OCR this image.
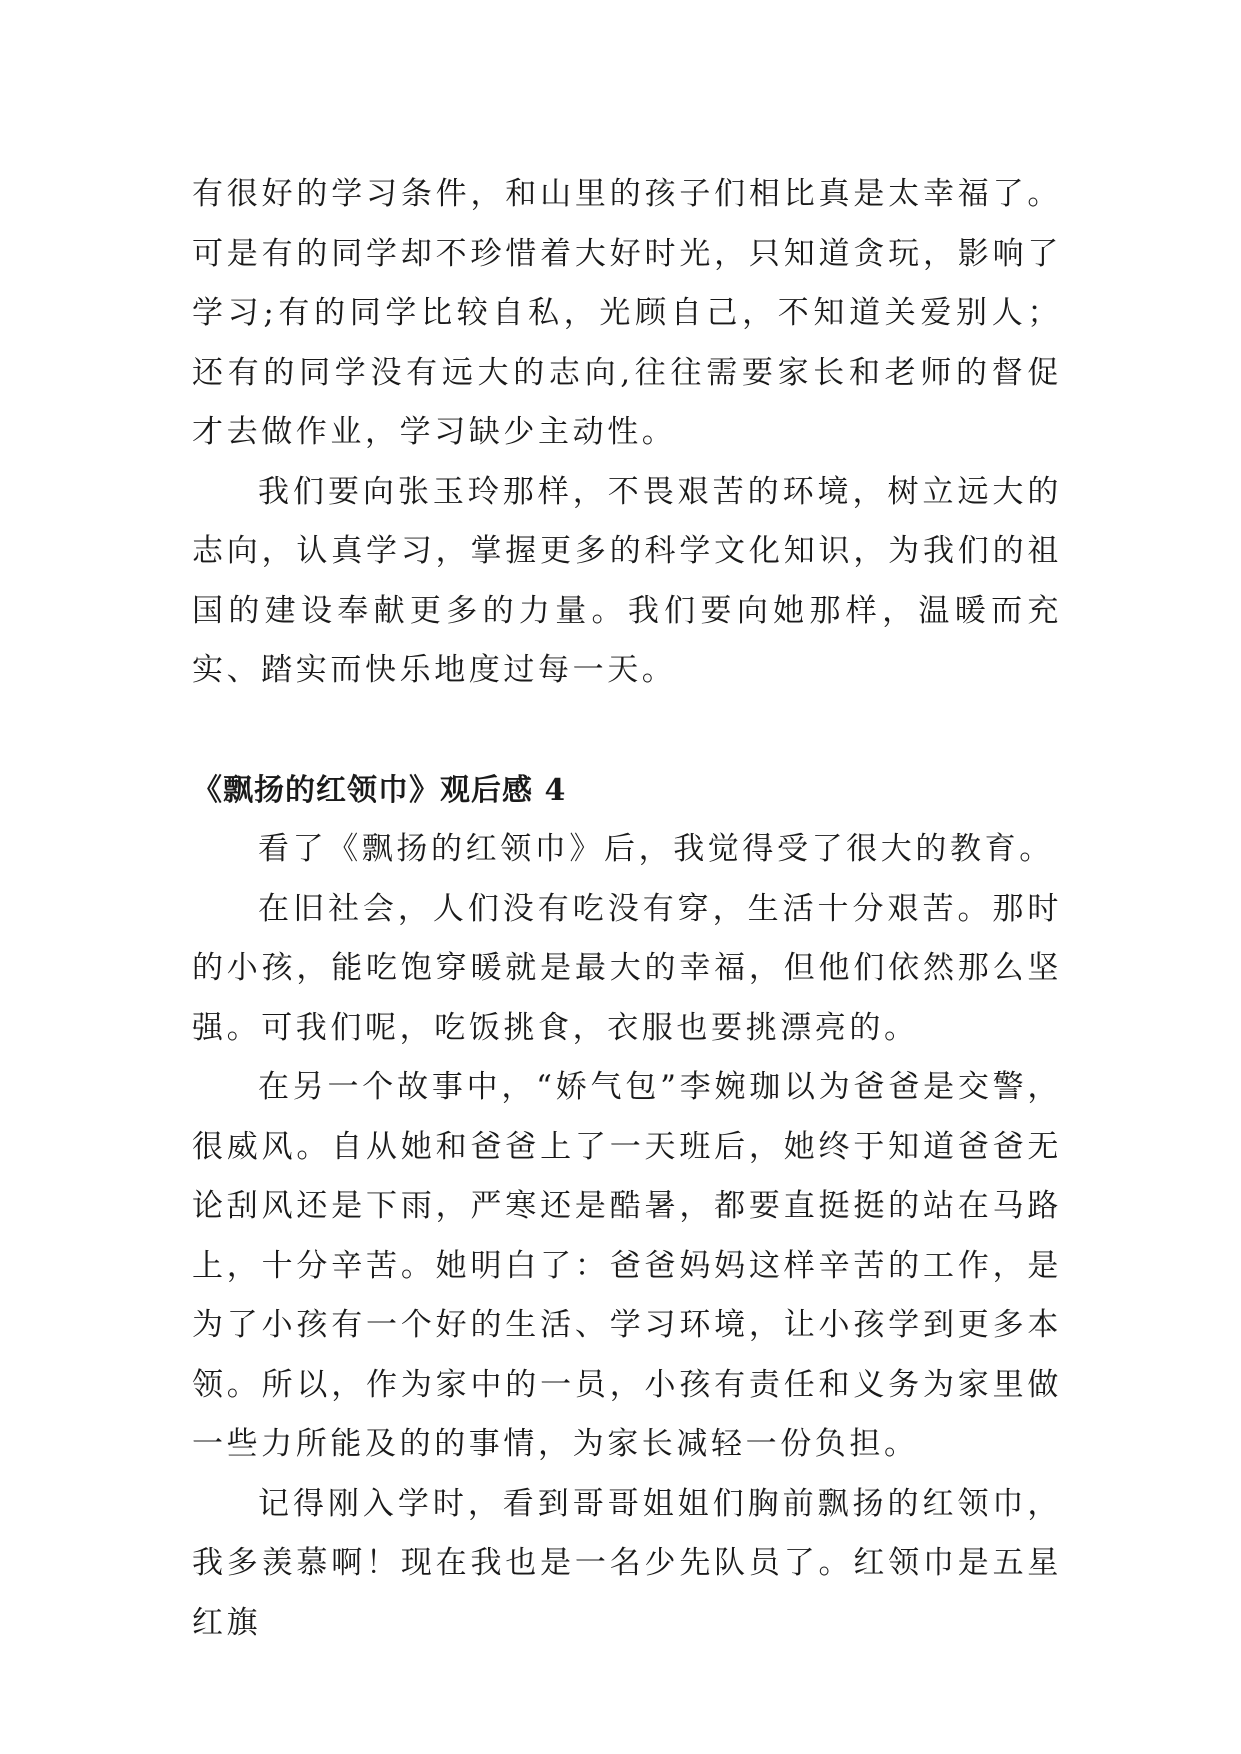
有很好的学习条件，和山里的孩子们相比真是太幸福了。可是有的同学却不珍惜着大好时光，只知道贪玩，影响了学习;有的同学比较自私，光顾自己，不知道关爱别人；还有的同学没有远大的志向,往往需要家长和老师的督促才去做作业，学习缺少主动性。

我们要向张玉玲那样，不畏艰苦的环境，树立远大的志向，认真学习，掌握更多的科学文化知识，为我们的祖国的建设奉献更多的力量。我们要向她那样，温暖而充实、踏实而快乐地度过每一天。

《飘扬的红领巾》观后感 4

看了《飘扬的红领巾》后，我觉得受了很大的教育。

在旧社会，人们没有吃没有穿，生活十分艰苦。那时的小孩，能吃饱穿暖就是最大的幸福，但他们依然那么坚强。可我们呢，吃饭挑食，衣服也要挑漂亮的。

在另一个故事中，“娇气包”李婉珈以为爸爸是交警，很威风。自从她和爸爸上了一天班后，她终于知道爸爸无论刮风还是下雨，严寒还是酷暑，都要直挺挺的站在马路上，十分辛苦。她明白了：爸爸妈妈这样辛苦的工作，是为了小孩有一个好的生活、学习环境，让小孩学到更多本领。所以，作为家中的一员，小孩有责任和义务为家里做一些力所能及的的事情，为家长减轻一份负担。

记得刚入学时，看到哥哥姐姐们胸前飘扬的红领巾，我多羡慕啊！现在我也是一名少先队员了。红领巾是五星红旗
